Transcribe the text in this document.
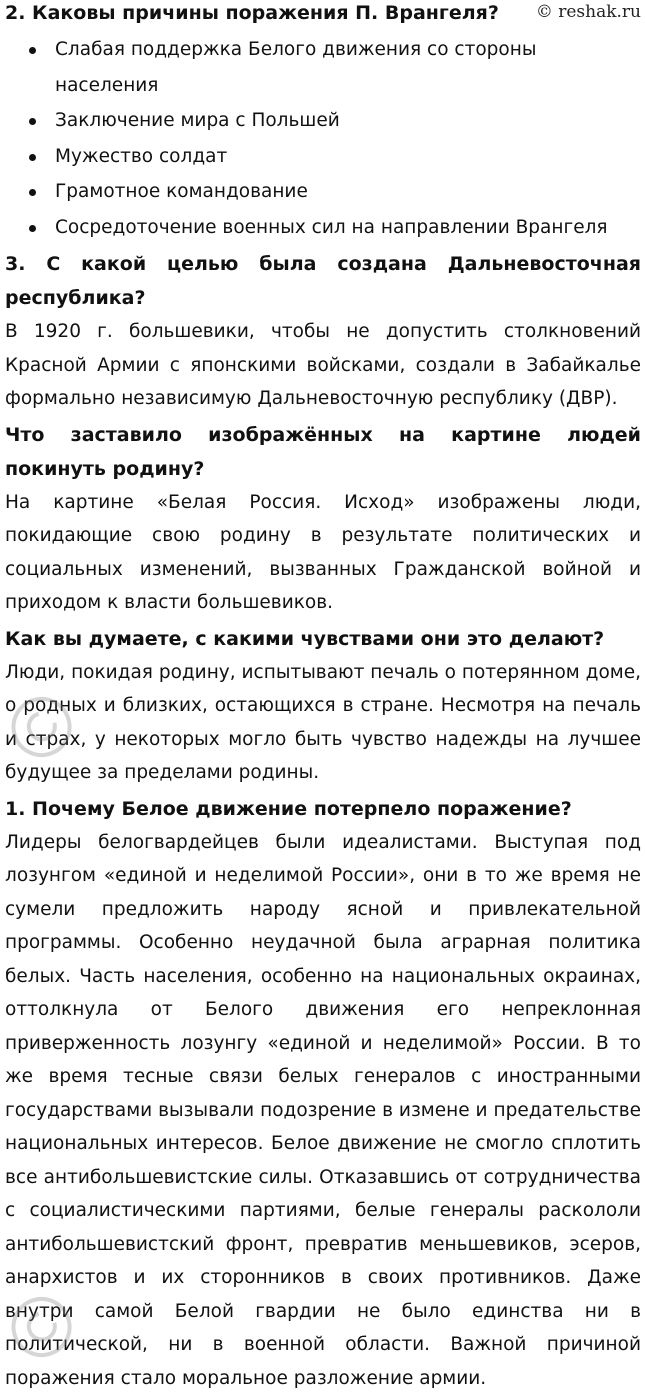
© reshak.ru
2. Каковы причины поражения П. Врангеля?
Слабая поддержка Белого движения со стороны населения
Заключение мира с Польшей
Мужество солдат
Грамотное командование
Сосредоточение военных сил на направлении Врангеля
3. С какой целью была создана Дальневосточная республика?

В 1920 г. большевики, чтобы не допустить столкновений Красной Армии с японскими войсками, создали в Забайкалье формально независимую Дальневосточную республику (ДВР).

Что заставило изображённых на картине людей покинуть родину?

На картине «Белая Россия. Исход» изображены люди, покидающие свою родину в результате политических и социальных изменений, вызванных Гражданской войной и приходом к власти большевиков.

Как вы думаете, с какими чувствами они это делают?

Люди, покидая родину, испытывают печаль о потерянном доме, о родных и близких, остающихся в стране. Несмотря на печаль и страх, у некоторых могло быть чувство надежды на лучшее будущее за пределами родины.

1. Почему Белое движение потерпело поражение?

Лидеры белогвардейцев были идеалистами. Выступая под лозунгом «единой и неделимой России», они в то же время не сумели предложить народу ясной и привлекательной программы. Особенно неудачной была аграрная политика белых. Часть населения, особенно на национальных окраинах, оттолкнула от Белого движения его непреклонная приверженность лозунгу «единой и неделимой» России. В то же время тесные связи белых генералов с иностранными государствами вызывали подозрение в измене и предательстве национальных интересов. Белое движение не смогло сплотить все антибольшевистские силы. Отказавшись от сотрудничества с социалистическими партиями, белые генералы раскололи антибольшевистский фронт, превратив меньшевиков, эсеров, анархистов и их сторонников в своих противников. Даже внутри самой Белой гвардии не было единства ни в политической, ни в военной области. Важной причиной поражения стало моральное разложение армии.
